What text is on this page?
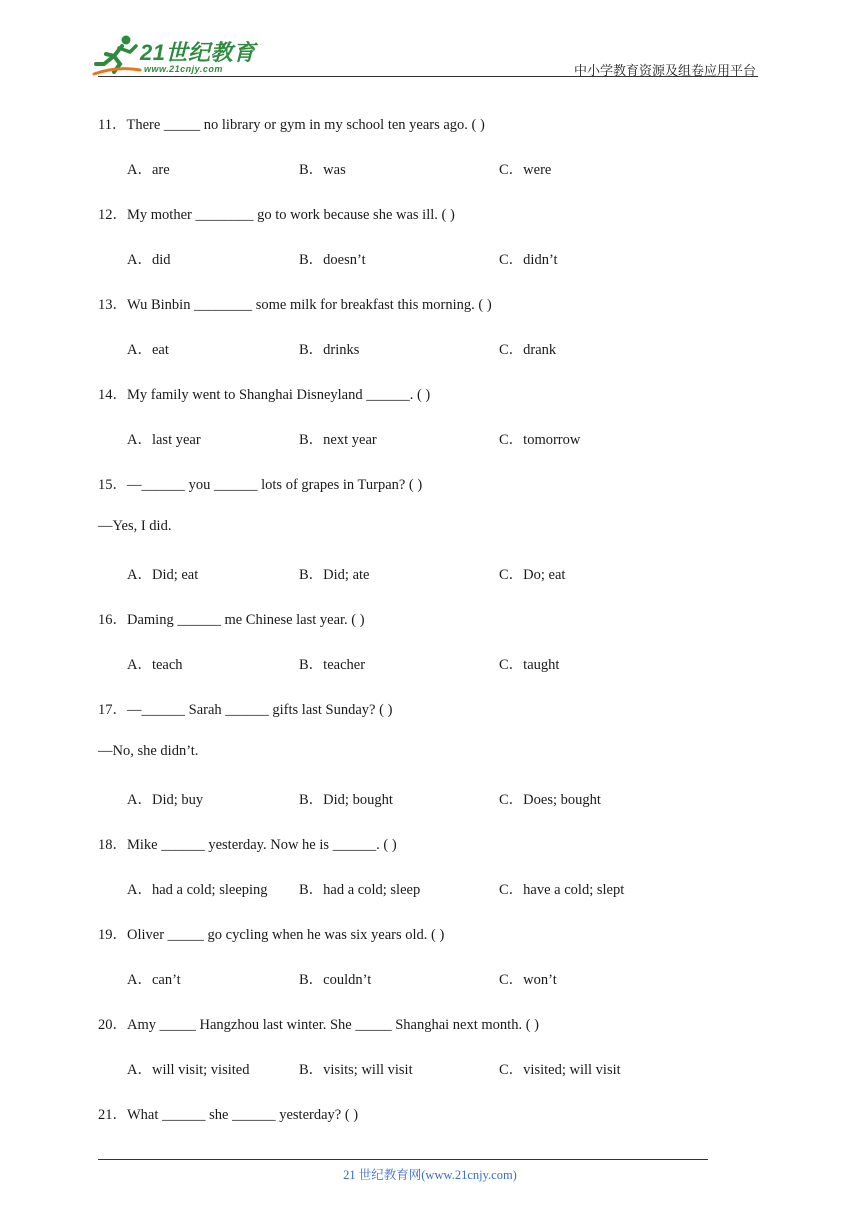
21世纪教育
www.21cnjy.com	中小学教育资源及组卷应用平台
11．There _____ no library or gym in my school ten years ago. ( )
A．are	B．was	C．were
12．My mother ________ go to work because she was ill. ( )
A．did	B．doesn’t	C．didn’t
13．Wu Binbin ________ some milk for breakfast this morning. ( )
A．eat	B．drinks	C．drank
14．My family went to Shanghai Disneyland ______. ( )
A．last year	B．next year	C．tomorrow
15．—______ you ______ lots of grapes in Turpan? ( )
—Yes, I did.
A．Did; eat	B．Did; ate	C．Do; eat
16．Daming ______ me Chinese last year. ( )
A．teach	B．teacher	C．taught
17．—______ Sarah ______ gifts last Sunday? ( )
—No, she didn’t.
A．Did; buy	B．Did; bought	C．Does; bought
18．Mike ______ yesterday. Now he is ______. ( )
A．had a cold; sleeping B．had a cold; sleep	C．have a cold; slept
19．Oliver _____ go cycling when he was six years old. ( )
A．can’t	B．couldn’t	C．won’t
20．Amy _____ Hangzhou last winter. She _____ Shanghai next month. ( )
A．will visit; visited	B．visits; will visit	C．visited; will visit
21．What ______ she ______ yesterday? ( )
21 世纪教育网(www.21cnjy.com)
